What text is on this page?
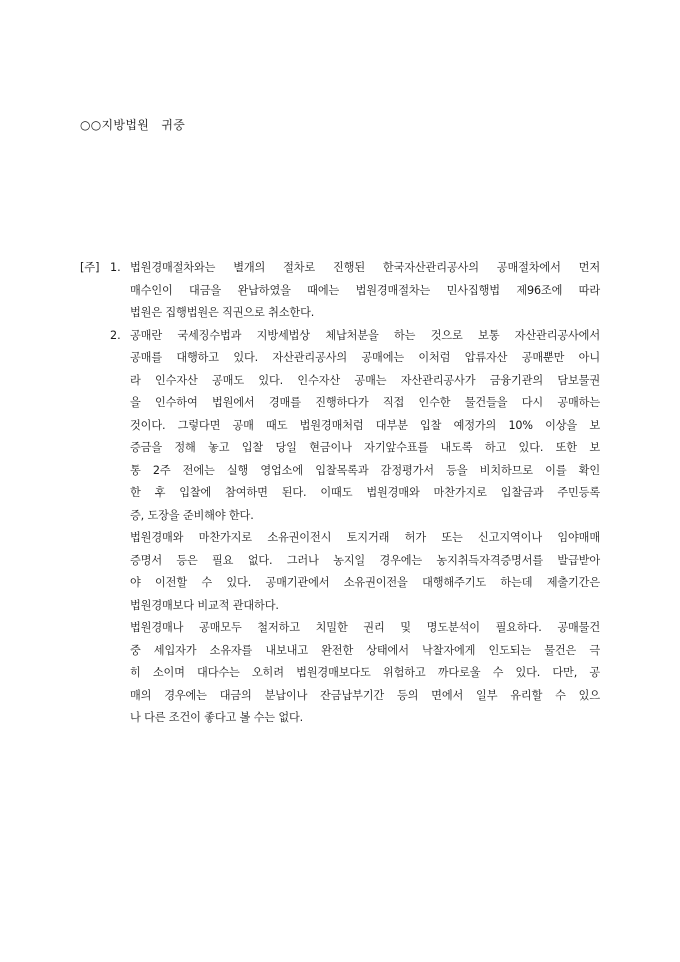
○○지방법원　귀중
[주] 1. 법원경매절차와는 별개의 절차로 진행된 한국자산관리공사의 공매절차에서 먼저
매수인이 대금을 완납하였을 때에는 법원경매절차는 민사집행법 제96조에 따라
법원은 집행법원은 직권으로 취소한다.
2. 공매란 국세징수법과 지방세법상 체납처분을 하는 것으로 보통 자산관리공사에서
공매를 대행하고 있다. 자산관리공사의 공매에는 이처럼 압류자산 공매뿐만 아니
라 인수자산 공매도 있다. 인수자산 공매는 자산관리공사가 금융기관의 담보물권
을 인수하여 법원에서 경매를 진행하다가 직접 인수한 물건들을 다시 공매하는
것이다. 그렇다면 공매 때도 법원경매처럼 대부분 입찰 예정가의 10% 이상을 보
증금을 정해 놓고 입찰 당일 현금이나 자기앞수표를 내도록 하고 있다. 또한 보
통 2주 전에는 실행 영업소에 입찰목록과 감정평가서 등을 비치하므로 이를 확인
한 후 입찰에 참여하면 된다. 이때도 법원경매와 마찬가지로 입찰금과 주민등록
증, 도장을 준비해야 한다.
법원경매와 마찬가지로 소유권이전시 토지거래 허가 또는 신고지역이나 임야매매
증명서 등은 필요 없다. 그러나 농지일 경우에는 농지취득자격증명서를 발급받아
야 이전할 수 있다. 공매기관에서 소유권이전을 대행해주기도 하는데 제출기간은
법원경매보다 비교적 관대하다.
법원경매나 공매모두 철저하고 치밀한 권리 및 명도분석이 필요하다. 공매물건
중 세입자가 소유자를 내보내고 완전한 상태에서 낙찰자에게 인도되는 물건은 극
히 소이며 대다수는 오히려 법원경매보다도 위험하고 까다로울 수 있다. 다만, 공
매의 경우에는 대금의 분납이나 잔금납부기간 등의 면에서 일부 유리할 수 있으
나 다른 조건이 좋다고 볼 수는 없다.
